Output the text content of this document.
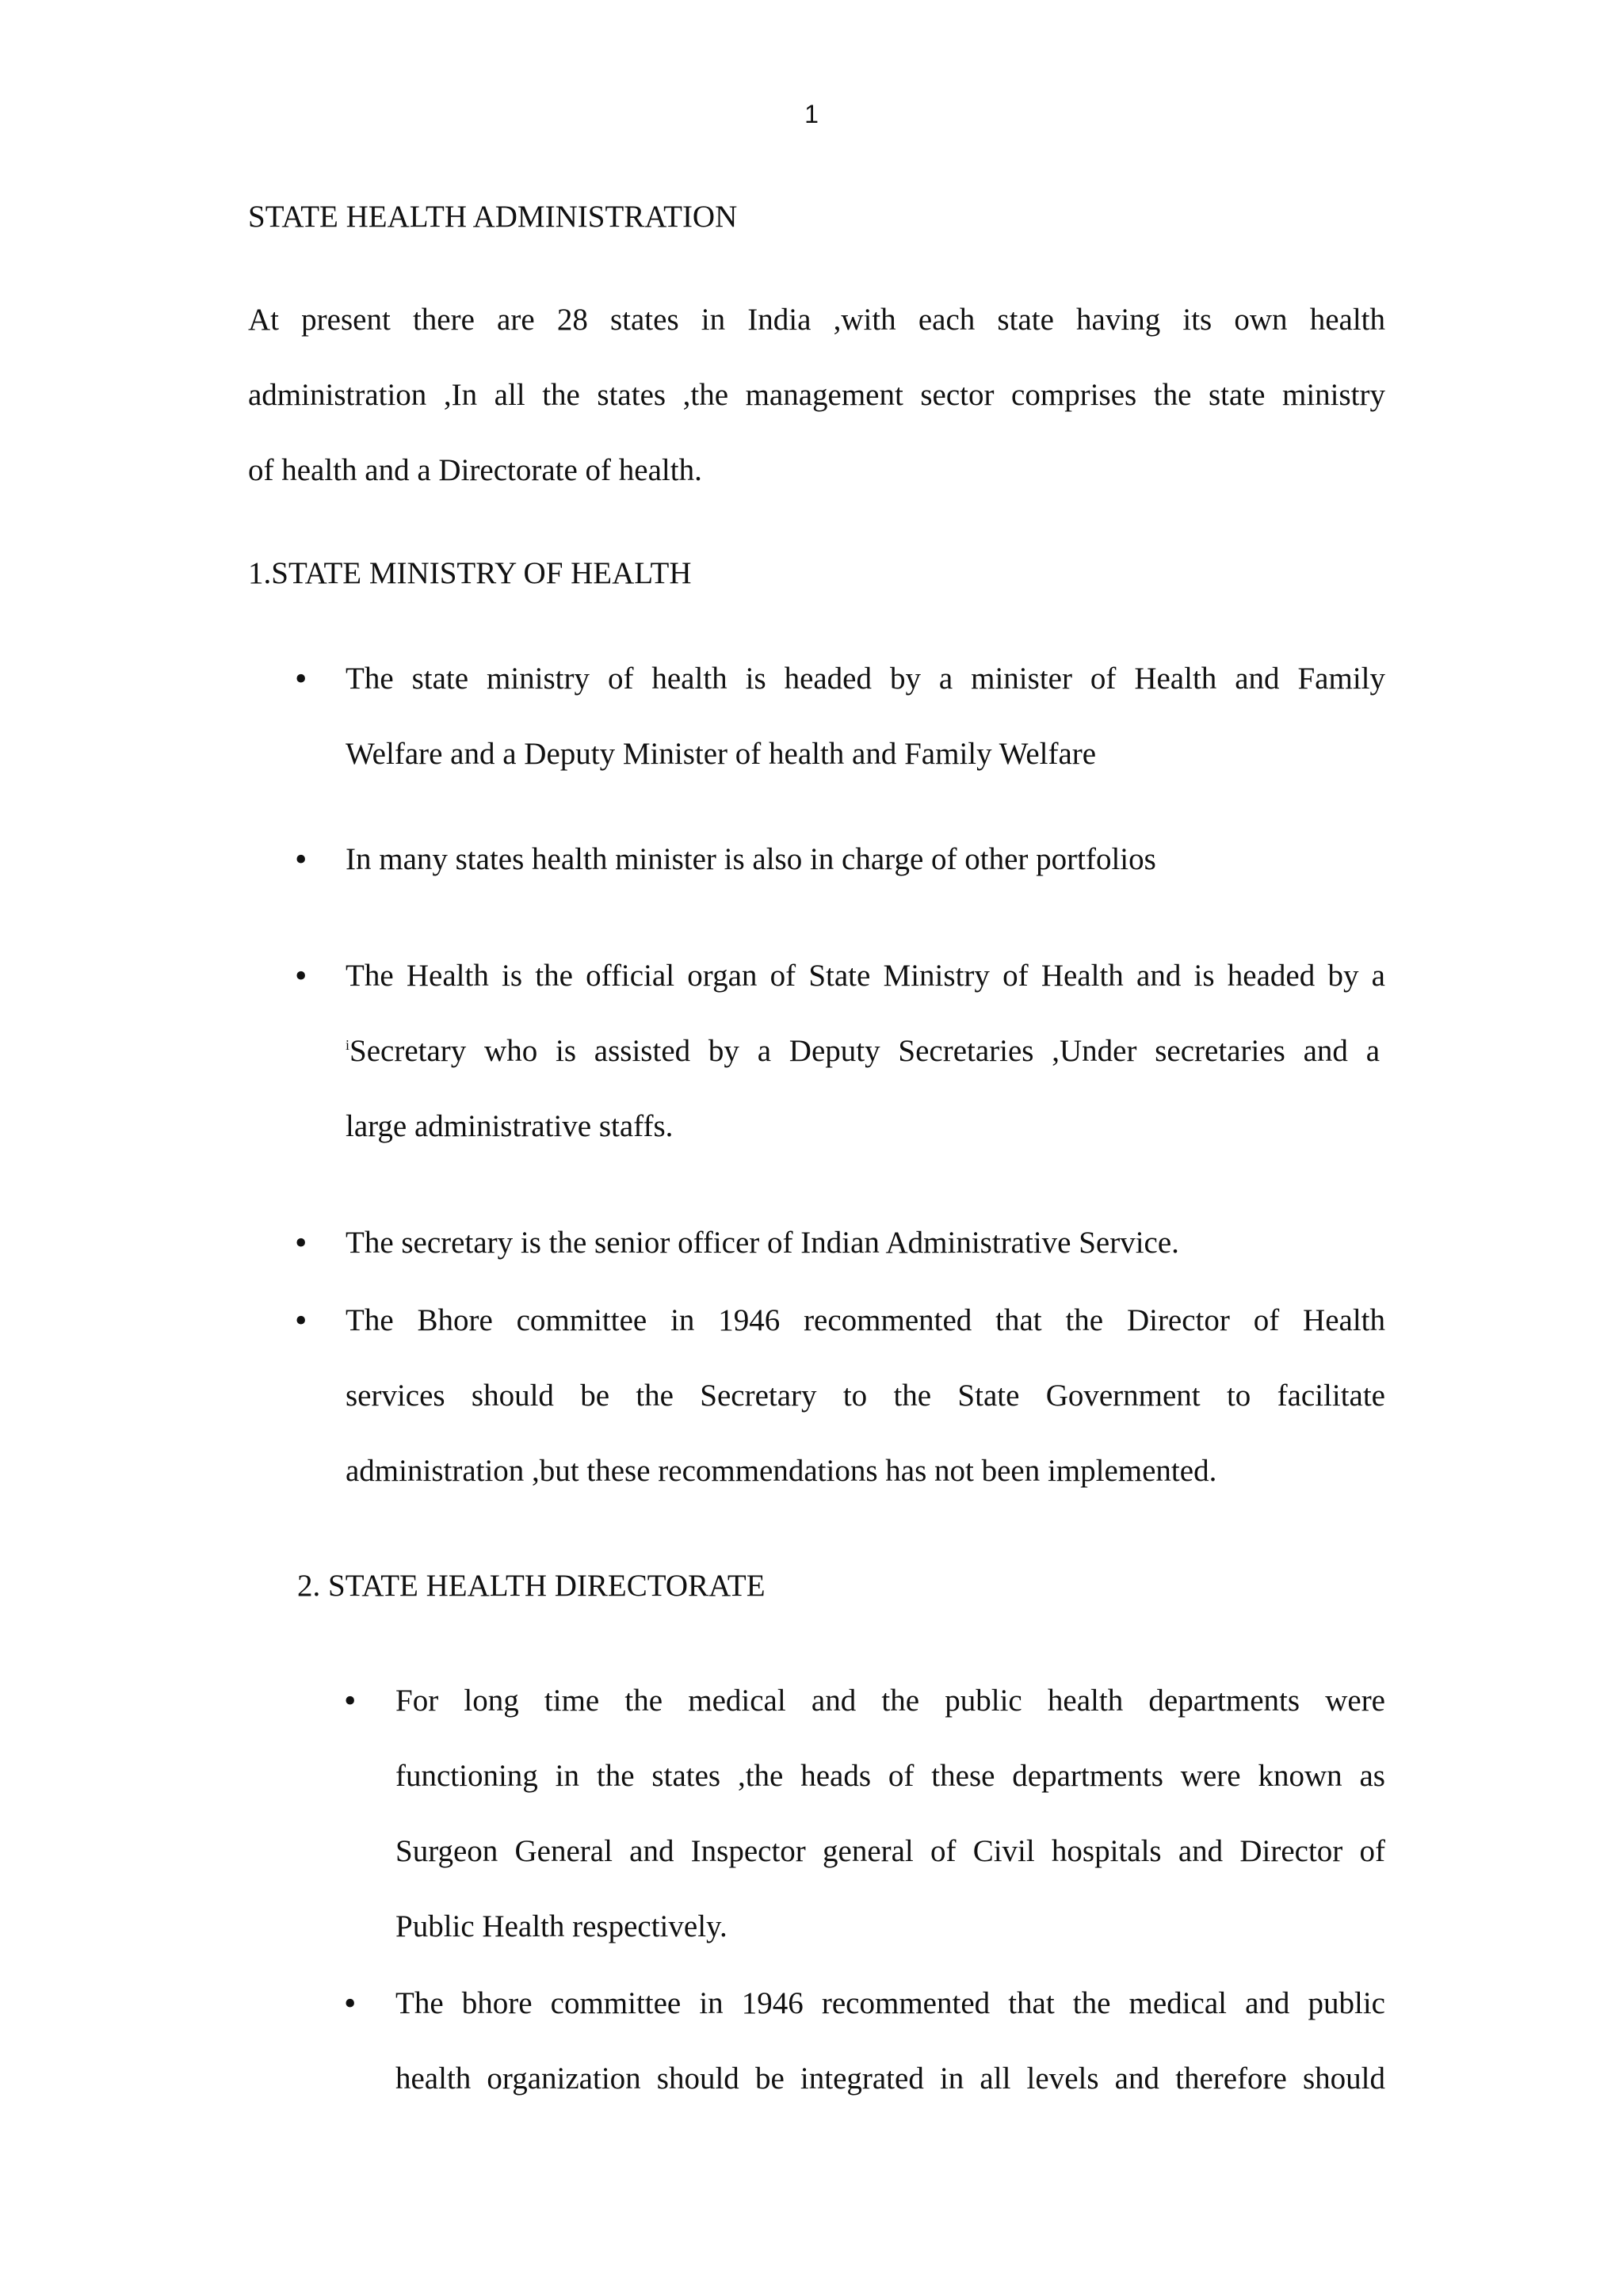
1
STATE HEALTH ADMINISTRATION
At present there are 28 states in India ,with each state having its own health
administration ,In all the states ,the management sector comprises the state ministry
of health and a Directorate of health.
1.STATE MINISTRY OF HEALTH
• The state ministry of health is headed by a minister of Health and Family
Welfare and a Deputy Minister of health and Family Welfare
• In many states health minister is also in charge of other portfolios
• The Health is the official organ of State Ministry of Health and is headed by a
$^i$Secretary who is assisted by a Deputy Secretaries ,Under secretaries and a
large administrative staffs.
• The secretary is the senior officer of Indian Administrative Service.
• The Bhore committee in 1946 recommented that the Director of Health
services should be the Secretary to the State Government to facilitate
administration ,but these recommendations has not been implemented.
2. STATE HEALTH DIRECTORATE
• For long time the medical and the public health departments were
functioning in the states ,the heads of these departments were known as
Surgeon General and Inspector general of Civil hospitals and Director of
Public Health respectively.
• The bhore committee in 1946 recommented that the medical and public
health organization should be integrated in all levels and therefore should
